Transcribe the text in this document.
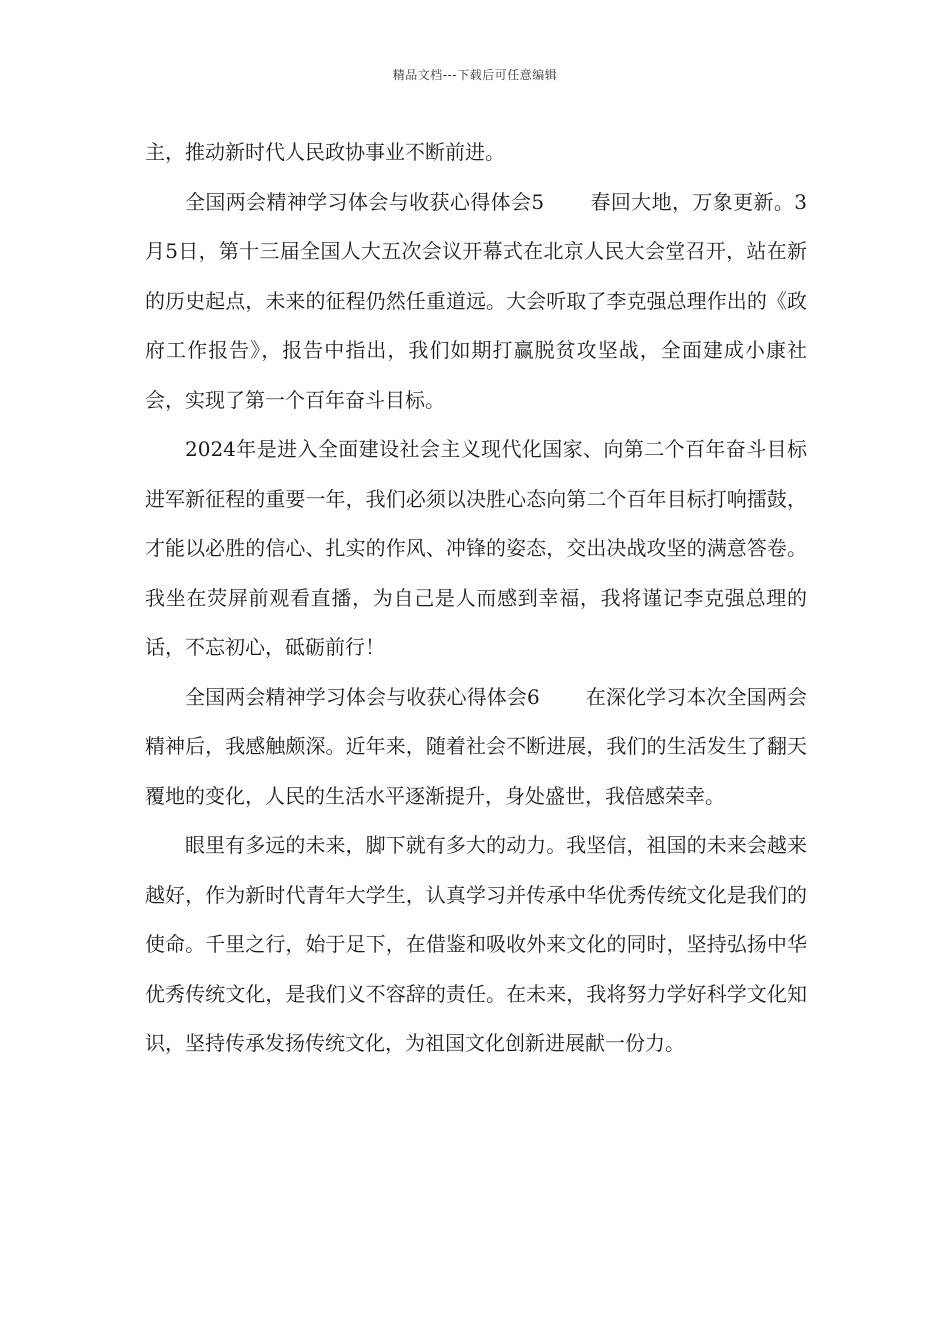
精品文档---下载后可任意编辑

主，推动新时代人民政协事业不断前进。

全国两会精神学习体会与收获心得体会5 春回大地，万象更新。3月5日，第十三届全国人大五次会议开幕式在北京人民大会堂召开，站在新的历史起点，未来的征程仍然任重道远。大会听取了李克强总理作出的《政府工作报告》，报告中指出，我们如期打赢脱贫攻坚战，全面建成小康社会，实现了第一个百年奋斗目标。

2024年是进入全面建设社会主义现代化国家、向第二个百年奋斗目标进军新征程的重要一年，我们必须以决胜心态向第二个百年目标打响擂鼓，才能以必胜的信心、扎实的作风、冲锋的姿态，交出决战攻坚的满意答卷。我坐在荧屏前观看直播，为自己是人而感到幸福，我将谨记李克强总理的话，不忘初心，砥砺前行！

全国两会精神学习体会与收获心得体会6 在深化学习本次全国两会精神后，我感触颇深。近年来，随着社会不断进展，我们的生活发生了翻天覆地的变化，人民的生活水平逐渐提升，身处盛世，我倍感荣幸。

眼里有多远的未来，脚下就有多大的动力。我坚信，祖国的未来会越来越好，作为新时代青年大学生，认真学习并传承中华优秀传统文化是我们的使命。千里之行，始于足下，在借鉴和吸收外来文化的同时，坚持弘扬中华优秀传统文化，是我们义不容辞的责任。在未来，我将努力学好科学文化知识，坚持传承发扬传统文化，为祖国文化创新进展献一份力。
